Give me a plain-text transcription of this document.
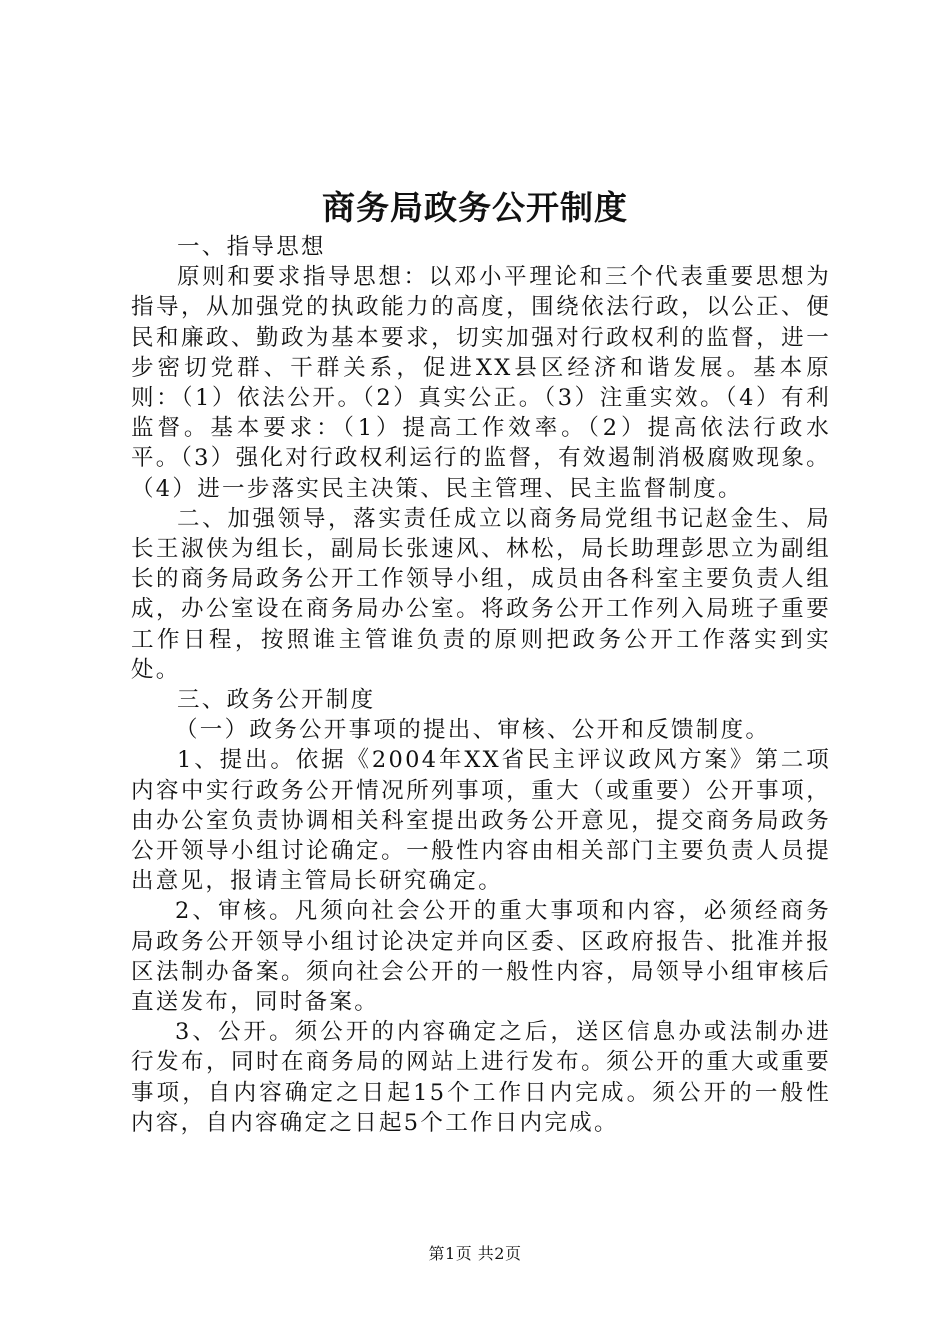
商务局政务公开制度

一、指导思想

原则和要求指导思想：以邓小平理论和三个代表重要思想为指导，从加强党的执政能力的高度，围绕依法行政，以公正、便民和廉政、勤政为基本要求，切实加强对行政权利的监督，进一步密切党群、干群关系，促进XX县区经济和谐发展。基本原则：（1）依法公开。（2）真实公正。（3）注重实效。（4）有利监督。基本要求：（1）提高工作效率。（2）提高依法行政水平。（3）强化对行政权利运行的监督，有效遏制消极腐败现象。（4）进一步落实民主决策、民主管理、民主监督制度。

二、加强领导，落实责任成立以商务局党组书记赵金生、局长王淑侠为组长，副局长张速风、林松，局长助理彭思立为副组长的商务局政务公开工作领导小组，成员由各科室主要负责人组成，办公室设在商务局办公室。将政务公开工作列入局班子重要工作日程，按照谁主管谁负责的原则把政务公开工作落实到实处。

三、政务公开制度

（一）政务公开事项的提出、审核、公开和反馈制度。

1、提出。依据《2004年XX省民主评议政风方案》第二项内容中实行政务公开情况所列事项，重大（或重要）公开事项，由办公室负责协调相关科室提出政务公开意见，提交商务局政务公开领导小组讨论确定。一般性内容由相关部门主要负责人员提出意见，报请主管局长研究确定。

2、审核。凡须向社会公开的重大事项和内容，必须经商务局政务公开领导小组讨论决定并向区委、区政府报告、批准并报区法制办备案。须向社会公开的一般性内容，局领导小组审核后直送发布，同时备案。

3、公开。须公开的内容确定之后，送区信息办或法制办进行发布，同时在商务局的网站上进行发布。须公开的重大或重要事项，自内容确定之日起15个工作日内完成。须公开的一般性内容，自内容确定之日起5个工作日内完成。

第1页 共2页
